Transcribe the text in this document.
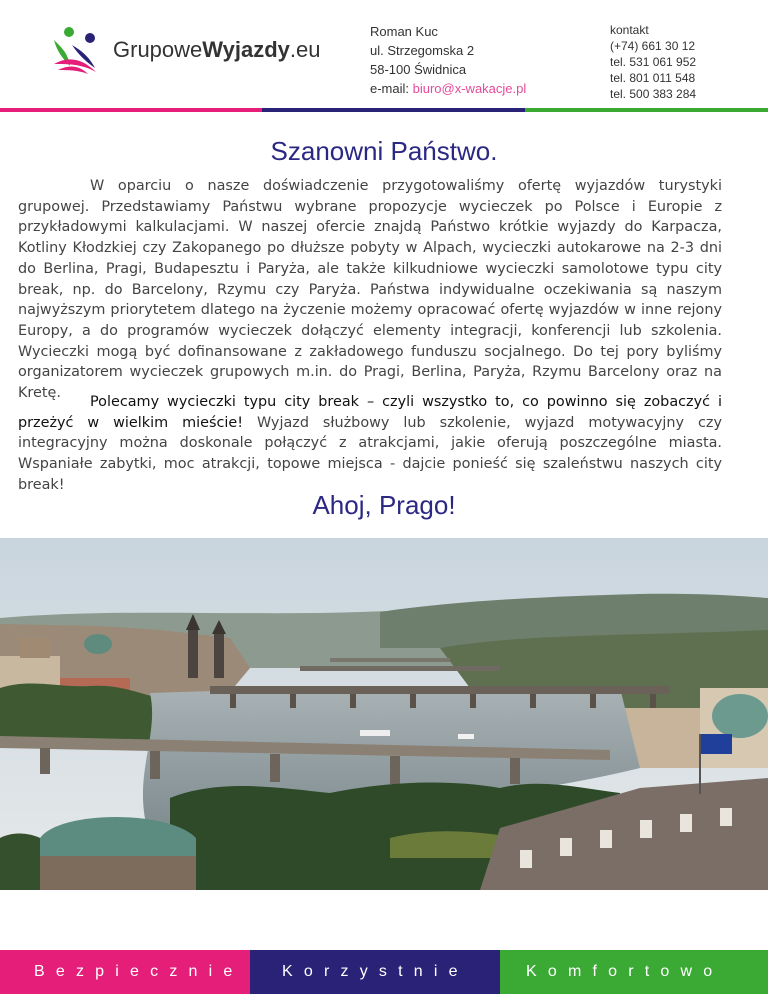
GrupoweWyjazdy.eu
Roman Kuc
ul. Strzegomska 2
58-100 Świdnica
e-mail: biuro@x-wakacje.pl
kontakt
(+74) 661 30 12
tel. 531 061 952
tel. 801 011 548
tel. 500 383 284
Szanowni Państwo.

W oparciu o nasze doświadczenie przygotowaliśmy ofertę wyjazdów turystyki grupowej. Przedstawiamy Państwu wybrane propozycje wycieczek po Polsce i Europie z przykładowymi kalkulacjami. W naszej ofercie znajdą Państwo krótkie wyjazdy do Karpacza, Kotliny Kłodzkiej czy Zakopanego po dłuższe pobyty w Alpach, wycieczki autokarowe na 2-3 dni do Berlina, Pragi, Budapesztu i Paryża, ale także kilkudniowe wycieczki samolotowe typu city break, np. do Barcelony, Rzymu czy Paryża. Państwa indywidualne oczekiwania są naszym najwyższym priorytetem dlatego na życzenie możemy opracować ofertę wyjazdów w inne rejony Europy, a do programów wycieczek dołączyć elementy integracji, konferencji lub szkolenia. Wycieczki mogą być dofinansowane z zakładowego funduszu socjalnego. Do tej pory byliśmy organizatorem wycieczek grupowych m.in. do Pragi, Berlina, Paryża, Rzymu Barcelony oraz na Kretę.

Polecamy wycieczki typu city break – czyli wszystko to, co powinno się zobaczyć i przeżyć w wielkim mieście! Wyjazd służbowy lub szkolenie, wyjazd motywacyjny czy integracyjny można doskonale połączyć z atrakcjami, jakie oferują poszczególne miasta. Wspaniałe zabytki, moc atrakcji, topowe miejsca - dajcie ponieść się szaleństwu naszych city break!

Ahoj, Prago!
Bezpiecznie	Korzystnie	Komfortowo
